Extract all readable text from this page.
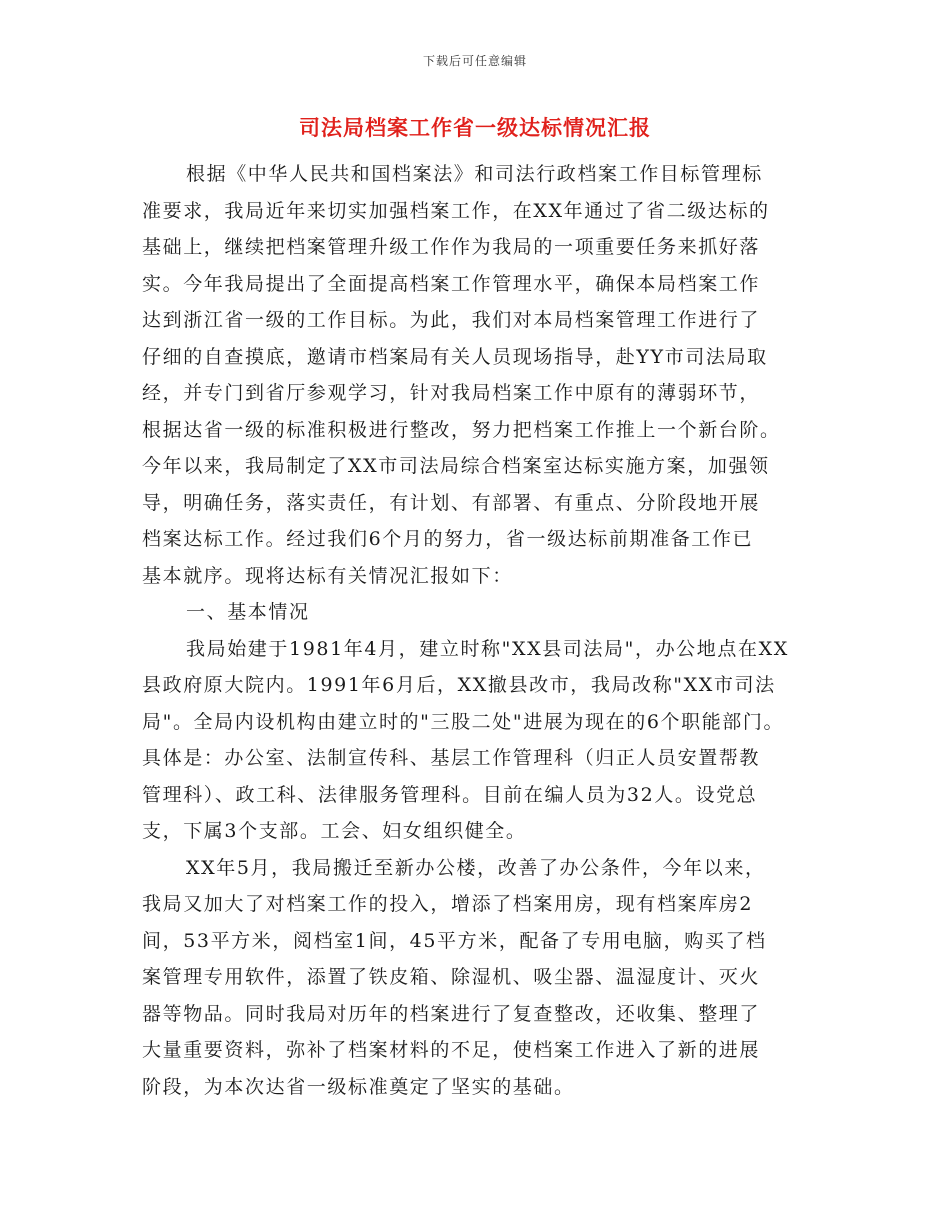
下载后可任意编辑
司法局档案工作省一级达标情况汇报
根据《中华人民共和国档案法》和司法行政档案工作目标管理标
准要求，我局近年来切实加强档案工作，在XX年通过了省二级达标的
基础上，继续把档案管理升级工作作为我局的一项重要任务来抓好落
实。今年我局提出了全面提高档案工作管理水平，确保本局档案工作
达到浙江省一级的工作目标。为此，我们对本局档案管理工作进行了
仔细的自查摸底，邀请市档案局有关人员现场指导，赴YY市司法局取
经，并专门到省厅参观学习，针对我局档案工作中原有的薄弱环节，
根据达省一级的标准积极进行整改，努力把档案工作推上一个新台阶。
今年以来，我局制定了XX市司法局综合档案室达标实施方案，加强领
导，明确任务，落实责任，有计划、有部署、有重点、分阶段地开展
档案达标工作。经过我们6个月的努力，省一级达标前期准备工作已
基本就序。现将达标有关情况汇报如下：
一、基本情况
我局始建于1981年4月，建立时称"XX县司法局"，办公地点在XX
县政府原大院内。1991年6月后，XX撤县改市，我局改称"XX市司法
局"。全局内设机构由建立时的"三股二处"进展为现在的6个职能部门。
具体是：办公室、法制宣传科、基层工作管理科（归正人员安置帮教
管理科）、政工科、法律服务管理科。目前在编人员为32人。设党总
支，下属3个支部。工会、妇女组织健全。
XX年5月，我局搬迁至新办公楼，改善了办公条件，今年以来，
我局又加大了对档案工作的投入，增添了档案用房，现有档案库房2
间，53平方米，阅档室1间，45平方米，配备了专用电脑，购买了档
案管理专用软件，添置了铁皮箱、除湿机、吸尘器、温湿度计、灭火
器等物品。同时我局对历年的档案进行了复查整改，还收集、整理了
大量重要资料，弥补了档案材料的不足，使档案工作进入了新的进展
阶段，为本次达省一级标准奠定了坚实的基础。
